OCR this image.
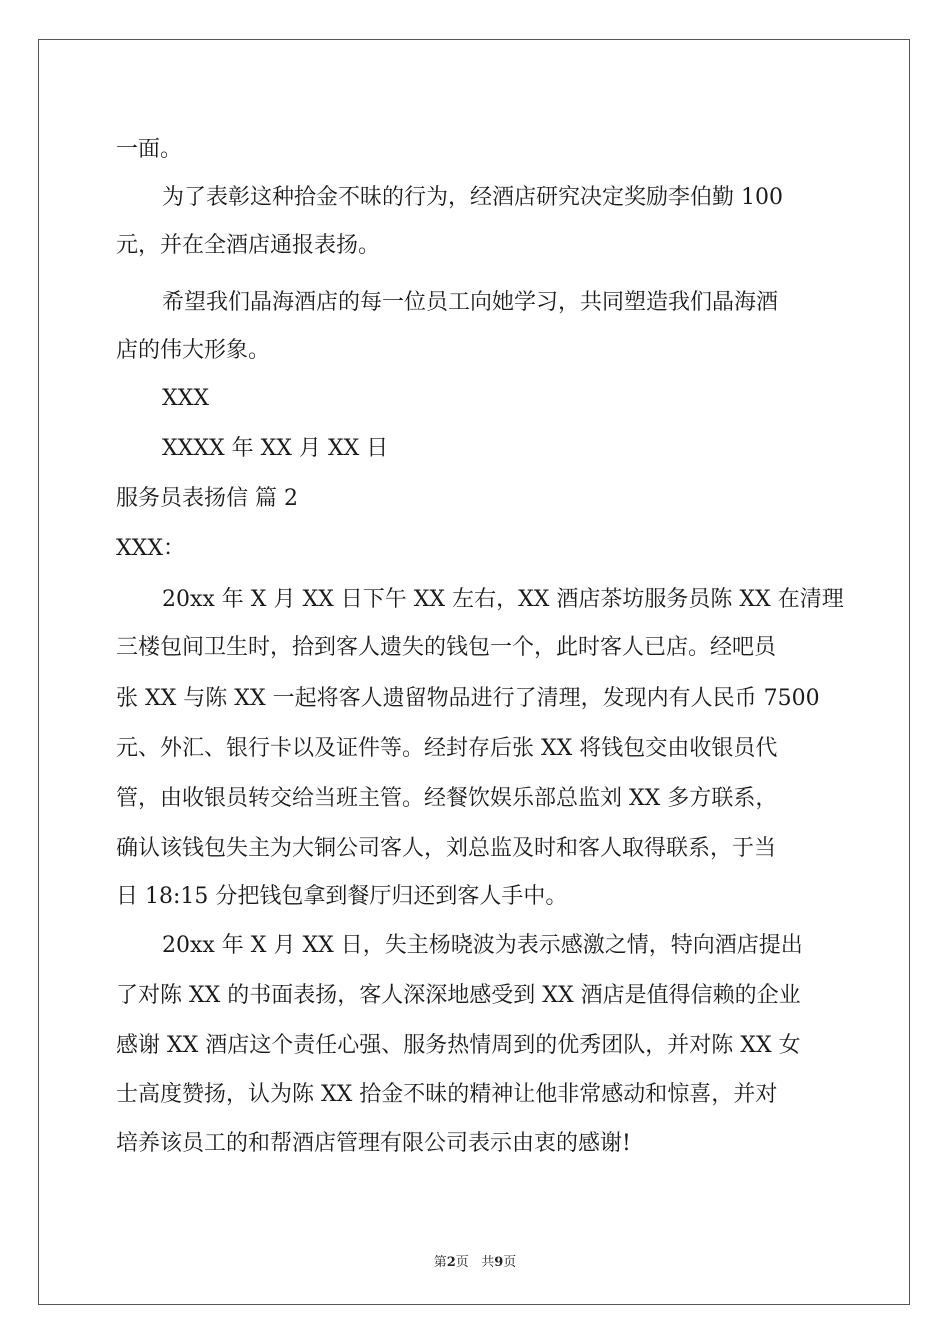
一面。
为了表彰这种拾金不昧的行为，经酒店研究决定奖励李伯勤 100
元，并在全酒店通报表扬。
希望我们晶海酒店的每一位员工向她学习，共同塑造我们晶海酒
店的伟大形象。
XXX
XXXX 年 XX 月 XX 日
服务员表扬信 篇 2
XXX：
20xx 年 X 月 XX 日下午 XX 左右，XX 酒店茶坊服务员陈 XX 在清理
三楼包间卫生时，拾到客人遗失的钱包一个，此时客人已店。经吧员
张 XX 与陈 XX 一起将客人遗留物品进行了清理，发现内有人民币 7500
元、外汇、银行卡以及证件等。经封存后张 XX 将钱包交由收银员代
管，由收银员转交给当班主管。经餐饮娱乐部总监刘 XX 多方联系，
确认该钱包失主为大铜公司客人，刘总监及时和客人取得联系，于当
日 18:15 分把钱包拿到餐厅归还到客人手中。
20xx 年 X 月 XX 日，失主杨晓波为表示感激之情，特向酒店提出
了对陈 XX 的书面表扬，客人深深地感受到 XX 酒店是值得信赖的企业
感谢 XX 酒店这个责任心强、服务热情周到的优秀团队，并对陈 XX 女
士高度赞扬，认为陈 XX 拾金不昧的精神让他非常感动和惊喜，并对
培养该员工的和帮酒店管理有限公司表示由衷的感谢!
第2页 共9页
